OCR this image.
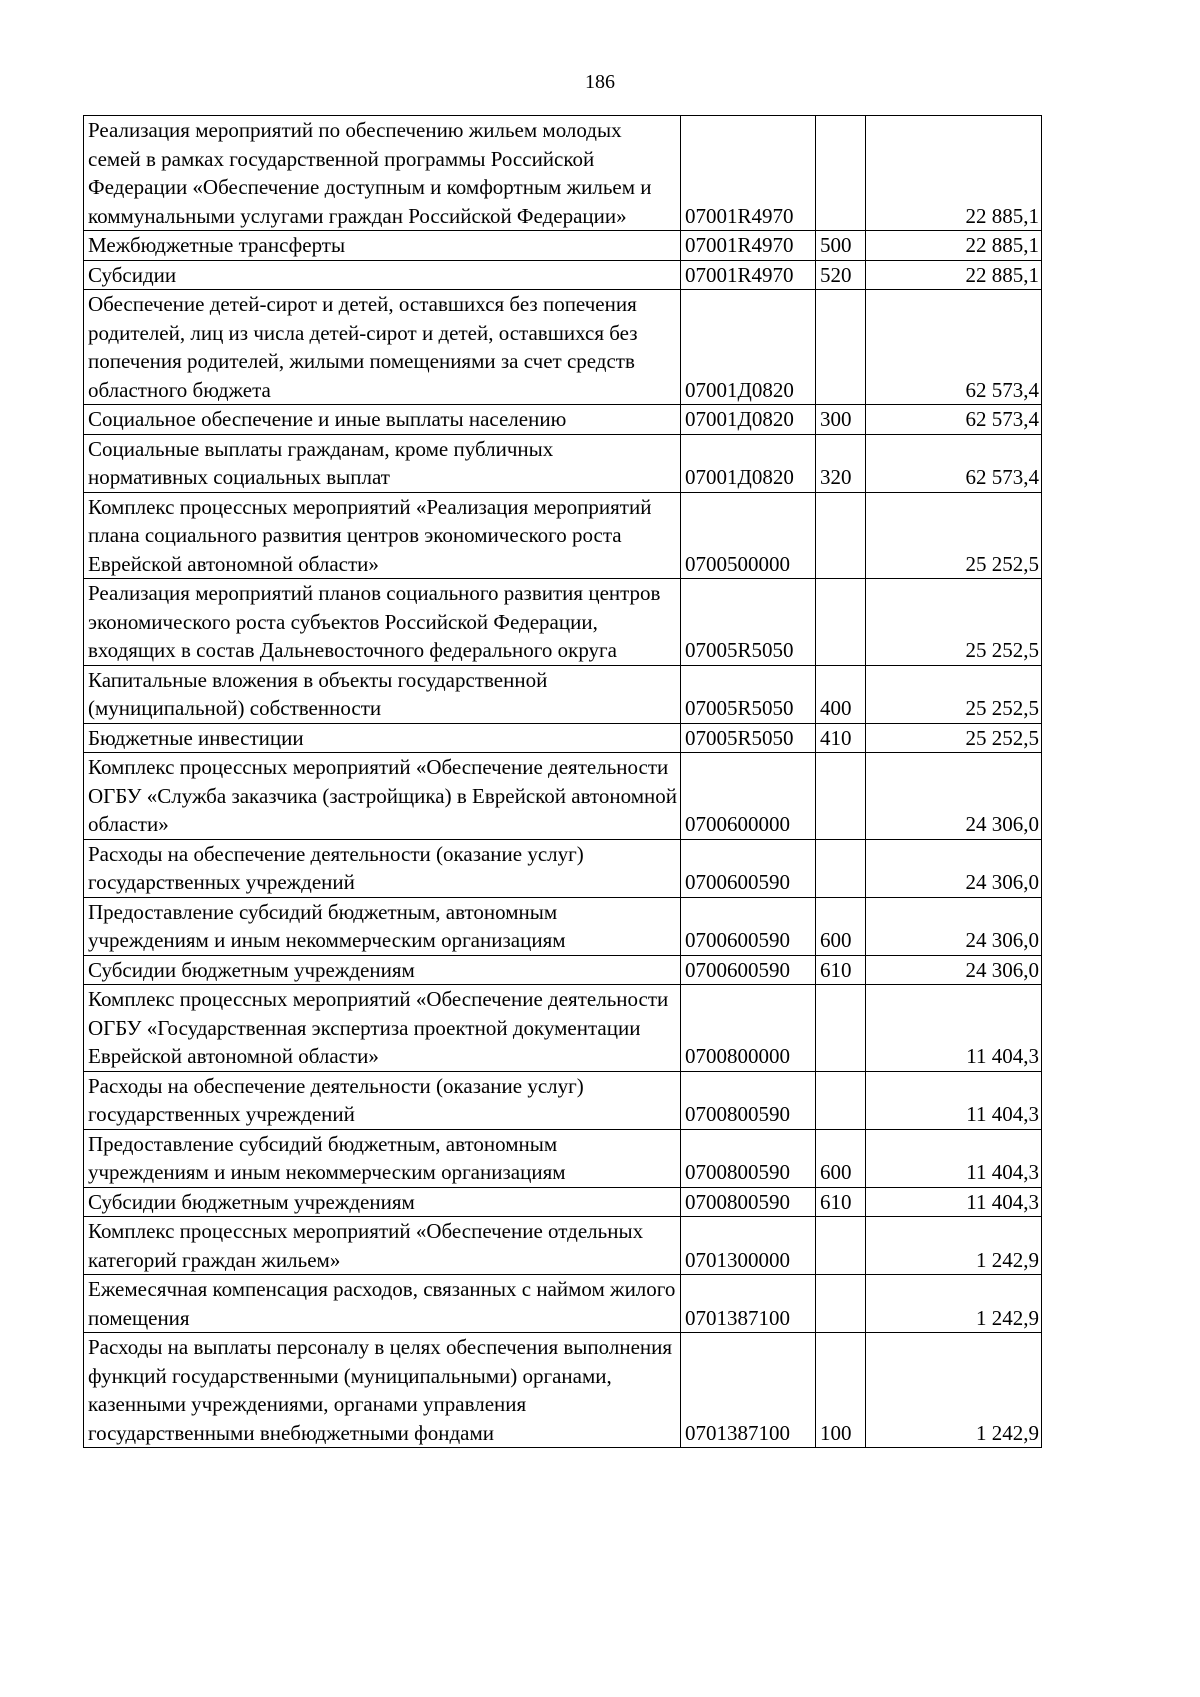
186
Реализация мероприятий по обеспечению жильем молодых семей в рамках государственной программы Российской Федерации «Обеспечение доступным и комфортным жильем и коммунальными услугами граждан Российской Федерации»	07001R4970		22 885,1
Межбюджетные трансферты	07001R4970	500	22 885,1
Субсидии	07001R4970	520	22 885,1
Обеспечение детей-сирот и детей, оставшихся без попечения родителей, лиц из числа детей-сирот и детей, оставшихся без попечения родителей, жилыми помещениями за счет средств областного бюджета	07001Д0820		62 573,4
Социальное обеспечение и иные выплаты населению	07001Д0820	300	62 573,4
Социальные выплаты гражданам, кроме публичных нормативных социальных выплат	07001Д0820	320	62 573,4
Комплекс процессных мероприятий «Реализация мероприятий плана социального развития центров экономического роста Еврейской автономной области»	0700500000		25 252,5
Реализация мероприятий планов социального развития центров экономического роста субъектов Российской Федерации, входящих в состав Дальневосточного федерального округа	07005R5050		25 252,5
Капитальные вложения в объекты государственной (муниципальной) собственности	07005R5050	400	25 252,5
Бюджетные инвестиции	07005R5050	410	25 252,5
Комплекс процессных мероприятий «Обеспечение деятельности ОГБУ «Служба заказчика (застройщика) в Еврейской автономной области»	0700600000		24 306,0
Расходы на обеспечение деятельности (оказание услуг) государственных учреждений	0700600590		24 306,0
Предоставление субсидий бюджетным, автономным учреждениям и иным некоммерческим организациям	0700600590	600	24 306,0
Субсидии бюджетным учреждениям	0700600590	610	24 306,0
Комплекс процессных мероприятий «Обеспечение деятельности ОГБУ «Государственная экспертиза проектной документации Еврейской автономной области»	0700800000		11 404,3
Расходы на обеспечение деятельности (оказание услуг) государственных учреждений	0700800590		11 404,3
Предоставление субсидий бюджетным, автономным учреждениям и иным некоммерческим организациям	0700800590	600	11 404,3
Субсидии бюджетным учреждениям	0700800590	610	11 404,3
Комплекс процессных мероприятий «Обеспечение отдельных категорий граждан жильем»	0701300000		1 242,9
Ежемесячная компенсация расходов, связанных с наймом жилого помещения	0701387100		1 242,9
Расходы на выплаты персоналу в целях обеспечения выполнения функций государственными (муниципальными) органами, казенными учреждениями, органами управления государственными внебюджетными фондами	0701387100	100	1 242,9
